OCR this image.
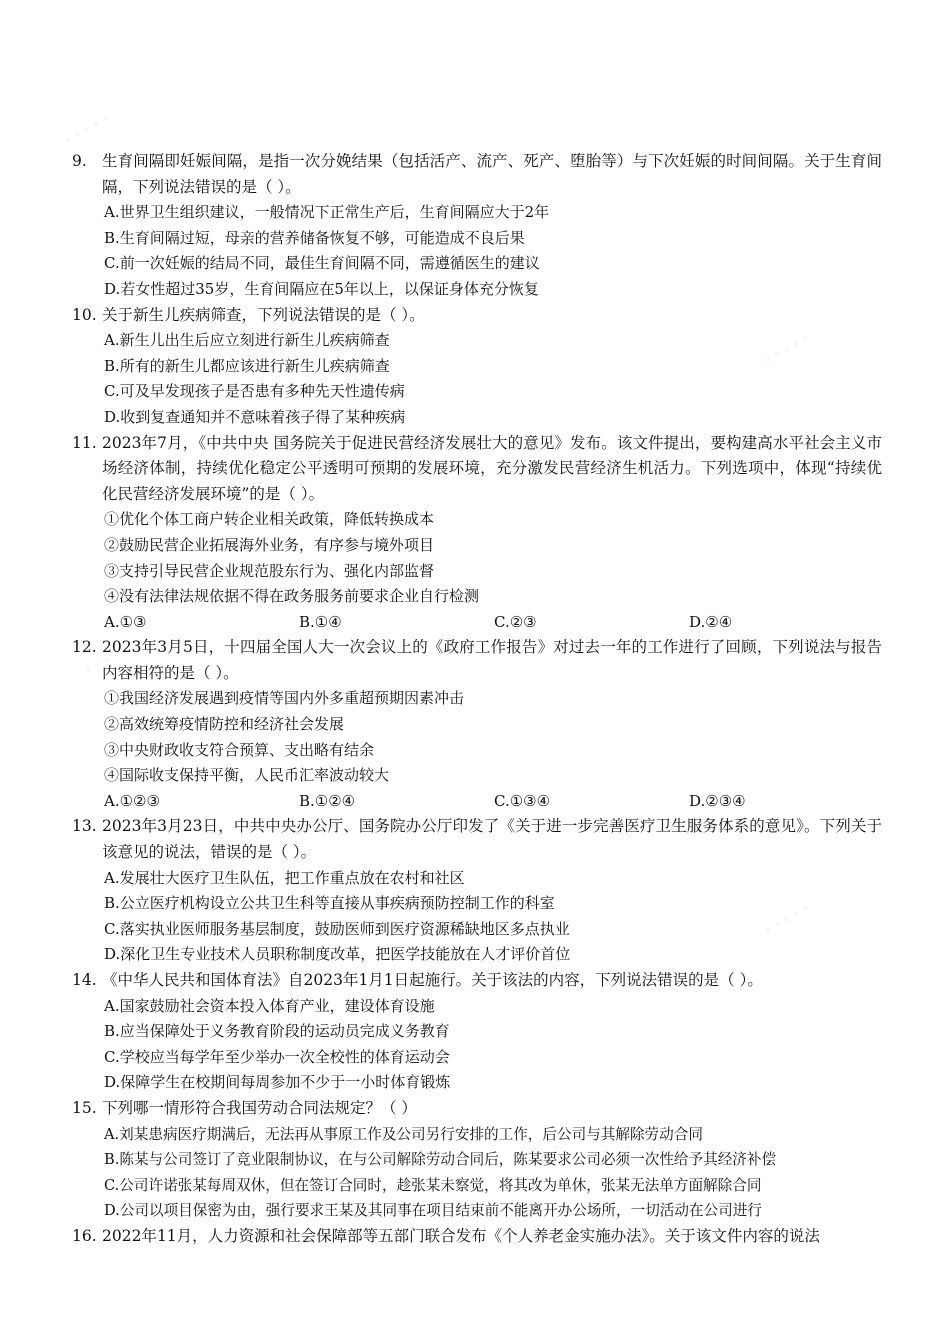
9. 生育间隔即妊娠间隔，是指一次分娩结果（包括活产、流产、死产、堕胎等）与下次妊娠的时间间隔。关于生育间隔，下列说法错误的是（ ）。
A.世界卫生组织建议，一般情况下正常生产后，生育间隔应大于2年
B.生育间隔过短，母亲的营养储备恢复不够，可能造成不良后果
C.前一次妊娠的结局不同，最佳生育间隔不同，需遵循医生的建议
D.若女性超过35岁，生育间隔应在5年以上，以保证身体充分恢复
10. 关于新生儿疾病筛查，下列说法错误的是（ ）。
A.新生儿出生后应立刻进行新生儿疾病筛查
B.所有的新生儿都应该进行新生儿疾病筛查
C.可及早发现孩子是否患有多种先天性遗传病
D.收到复查通知并不意味着孩子得了某种疾病
11. 2023年7月，《中共中央 国务院关于促进民营经济发展壮大的意见》发布。该文件提出，要构建高水平社会主义市场经济体制，持续优化稳定公平透明可预期的发展环境，充分激发民营经济生机活力。下列选项中，体现“持续优化民营经济发展环境”的是（ ）。
①优化个体工商户转企业相关政策，降低转换成本
②鼓励民营企业拓展海外业务，有序参与境外项目
③支持引导民营企业规范股东行为、强化内部监督
④没有法律法规依据不得在政务服务前要求企业自行检测
A.①③	B.①④	C.②③	D.②④
12. 2023年3月5日，十四届全国人大一次会议上的《政府工作报告》对过去一年的工作进行了回顾，下列说法与报告内容相符的是（ ）。
①我国经济发展遇到疫情等国内外多重超预期因素冲击
②高效统筹疫情防控和经济社会发展
③中央财政收支符合预算、支出略有结余
④国际收支保持平衡，人民币汇率波动较大
A.①②③	B.①②④	C.①③④	D.②③④
13. 2023年3月23日，中共中央办公厅、国务院办公厅印发了《关于进一步完善医疗卫生服务体系的意见》。下列关于该意见的说法，错误的是（ ）。
A.发展壮大医疗卫生队伍，把工作重点放在农村和社区
B.公立医疗机构设立公共卫生科等直接从事疾病预防控制工作的科室
C.落实执业医师服务基层制度，鼓励医师到医疗资源稀缺地区多点执业
D.深化卫生专业技术人员职称制度改革，把医学技能放在人才评价首位
14. 《中华人民共和国体育法》自2023年1月1日起施行。关于该法的内容，下列说法错误的是（ ）。
A.国家鼓励社会资本投入体育产业，建设体育设施
B.应当保障处于义务教育阶段的运动员完成义务教育
C.学校应当每学年至少举办一次全校性的体育运动会
D.保障学生在校期间每周参加不少于一小时体育锻炼
15. 下列哪一情形符合我国劳动合同法规定？（ ）
A.刘某患病医疗期满后，无法再从事原工作及公司另行安排的工作，后公司与其解除劳动合同
B.陈某与公司签订了竞业限制协议，在与公司解除劳动合同后，陈某要求公司必须一次性给予其经济补偿
C.公司许诺张某每周双休，但在签订合同时，趁张某未察觉，将其改为单休，张某无法单方面解除合同
D.公司以项目保密为由，强行要求王某及其同事在项目结束前不能离开办公场所，一切活动在公司进行
16. 2022年11月，人力资源和社会保障部等五部门联合发布《个人养老金实施办法》。关于该文件内容的说法
